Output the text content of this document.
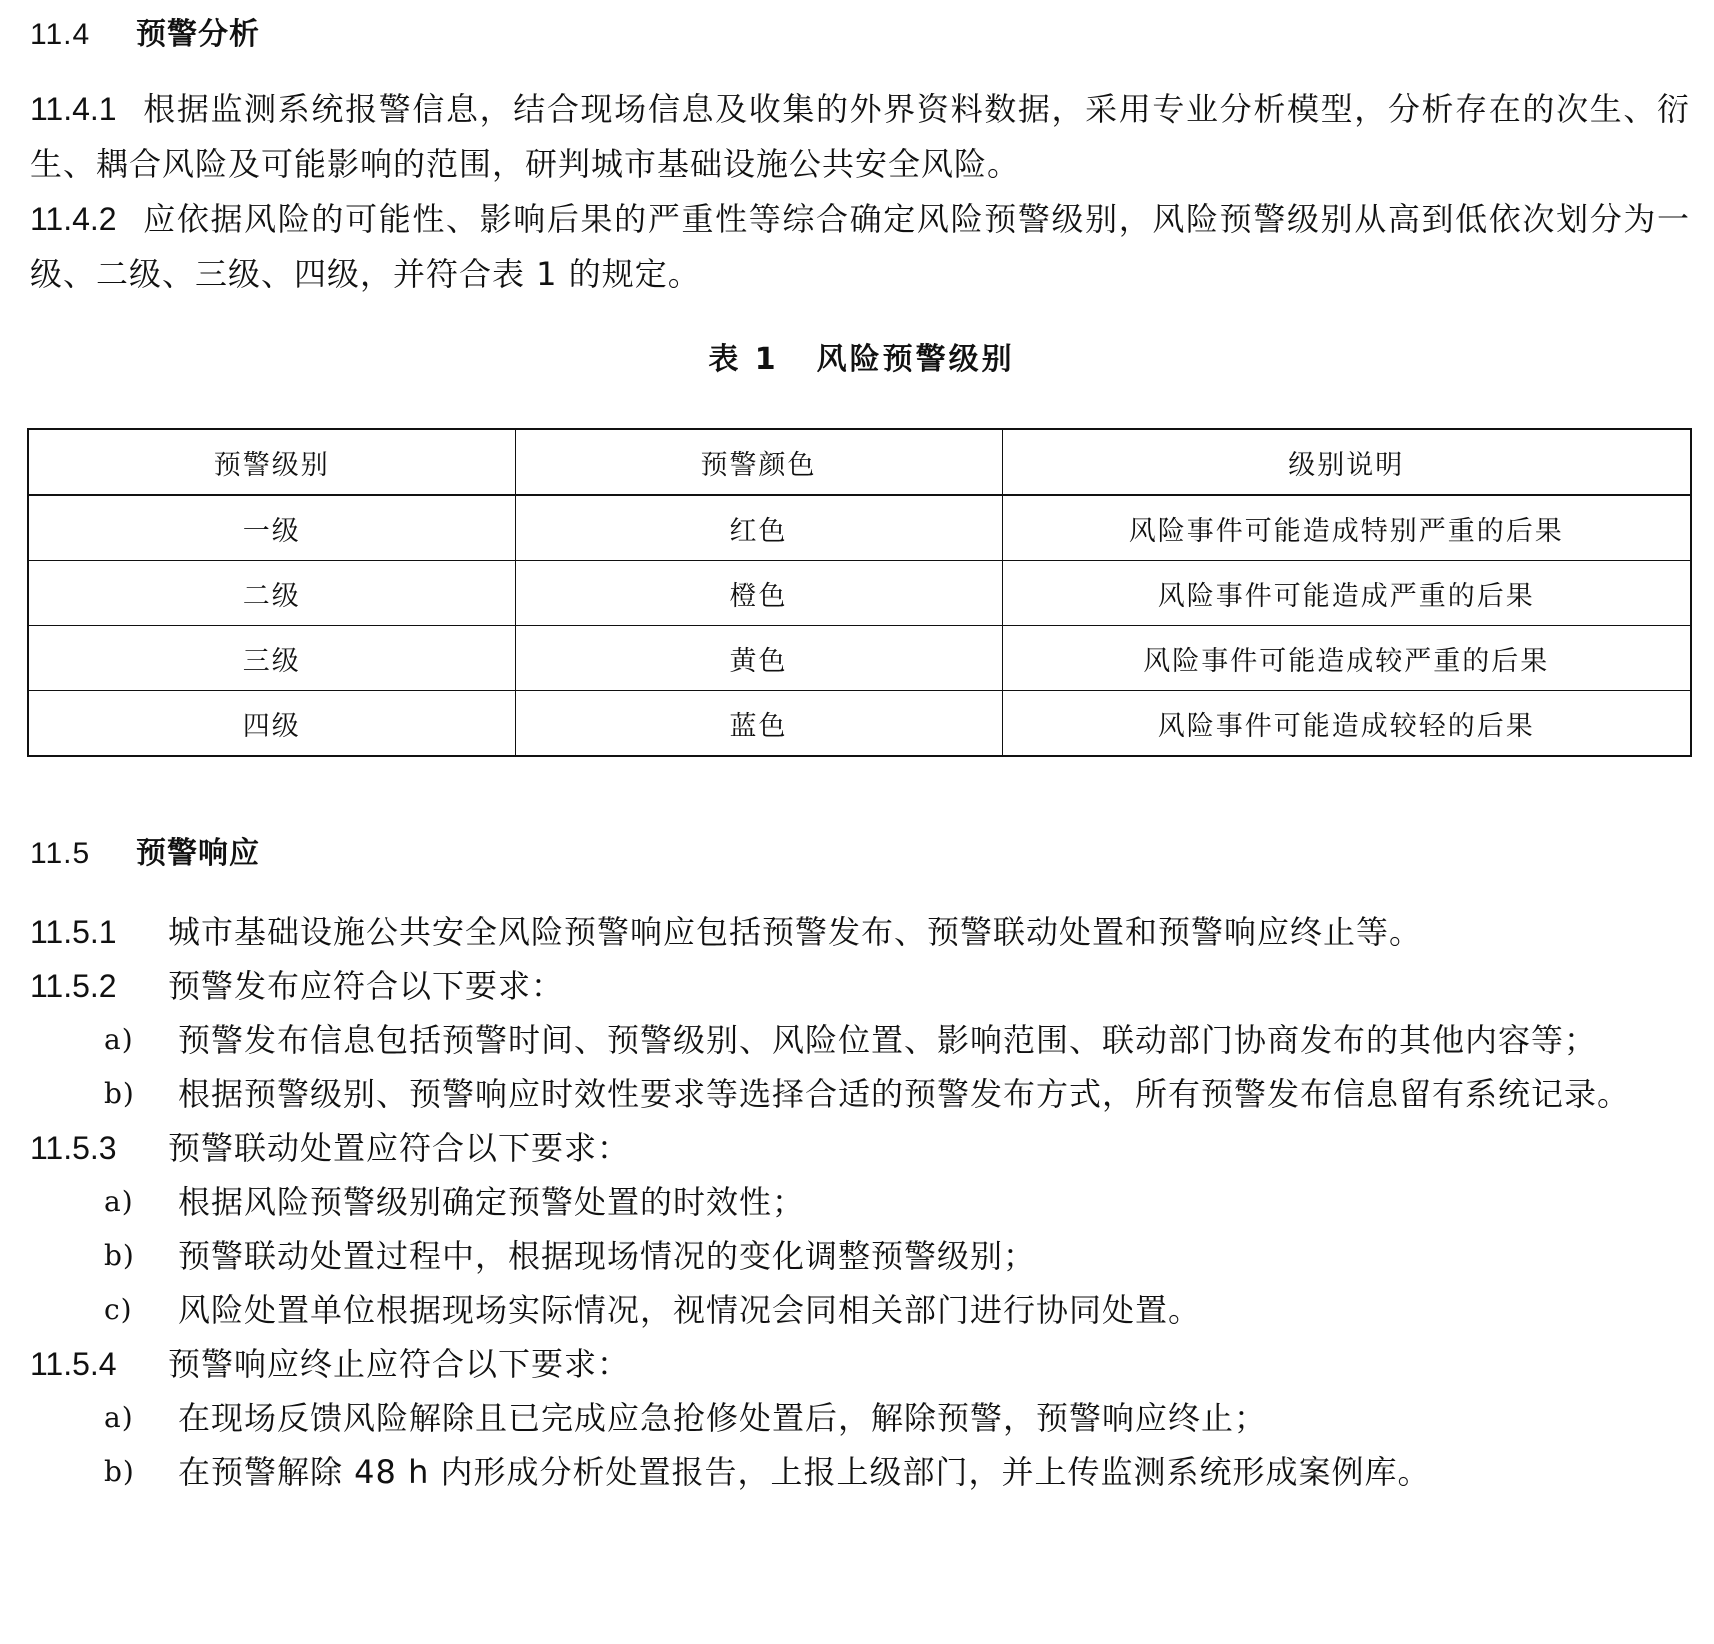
11.4 预警分析
11.4.1 根据监测系统报警信息，结合现场信息及收集的外界资料数据，采用专业分析模型，分析存在的次生、衍生、耦合风险及可能影响的范围，研判城市基础设施公共安全风险。
11.4.2 应依据风险的可能性、影响后果的严重性等综合确定风险预警级别，风险预警级别从高到低依次划分为一级、二级、三级、四级，并符合表 1 的规定。
表 1 风险预警级别
预警级别	预警颜色	级别说明
一级	红色	风险事件可能造成特别严重的后果
二级	橙色	风险事件可能造成严重的后果
三级	黄色	风险事件可能造成较严重的后果
四级	蓝色	风险事件可能造成较轻的后果
11.5 预警响应
11.5.1 城市基础设施公共安全风险预警响应包括预警发布、预警联动处置和预警响应终止等。
11.5.2 预警发布应符合以下要求：
a) 预警发布信息包括预警时间、预警级别、风险位置、影响范围、联动部门协商发布的其他内容等；
b) 根据预警级别、预警响应时效性要求等选择合适的预警发布方式，所有预警发布信息留有系统记录。
11.5.3 预警联动处置应符合以下要求：
a) 根据风险预警级别确定预警处置的时效性；
b) 预警联动处置过程中，根据现场情况的变化调整预警级别；
c) 风险处置单位根据现场实际情况，视情况会同相关部门进行协同处置。
11.5.4 预警响应终止应符合以下要求：
a) 在现场反馈风险解除且已完成应急抢修处置后，解除预警，预警响应终止；
b) 在预警解除 48 h 内形成分析处置报告，上报上级部门，并上传监测系统形成案例库。
